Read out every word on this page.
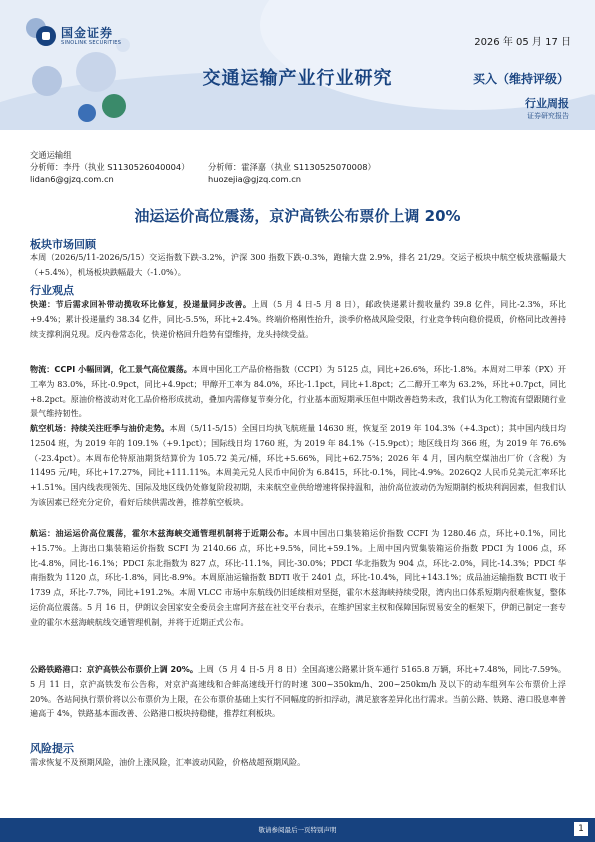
国金证券
SINOLINK SECURITIES	2026 年 05 月 17 日
交通运输产业行业研究	买入（维持评级）
行业周报
证券研究报告
交通运输组
分析师：李丹（执业 S1130526040004）
lidan6@gjzq.com.cn
分析师：霍泽嘉（执业 S1130525070008）
huozejia@gjzq.com.cn
油运运价高位震荡，京沪高铁公布票价上调 20%
板块市场回顾
本周（2026/5/11-2026/5/15）交运指数下跌-3.2%，沪深 300 指数下跌-0.3%，跑输大盘 2.9%，排名 21/29。交运子板块中航空板块涨幅最大（+5.4%），机场板块跌幅最大（-1.0%）。
行业观点
快递：节后需求回补带动揽收环比修复，投递量同步改善。上周（5 月 4 日-5 月 8 日），邮政快递累计揽收量约 39.8 亿件，同比-2.3%，环比+9.4%；累计投递量约 38.34 亿件，同比-5.5%，环比+2.4%。终端价格刚性抬升，淡季价格战风险受限，行业竞争转向稳价提质，价格同比改善持续支撑利润兑现。反内卷常态化，快递价格回升趋势有望维持，龙头持续受益。
物流：CCPI 小幅回调，化工景气高位震荡。本周中国化工产品价格指数（CCPI）为 5125 点，同比+26.6%，环比-1.8%。本周对二甲苯（PX）开工率为 83.0%，环比-0.9pct，同比+4.9pct；甲醇开工率为 84.0%，环比-1.1pct，同比+1.8pct；乙二醇开工率为 63.2%，环比+0.7pct，同比+8.2pct。原油价格波动对化工品价格形成扰动，叠加内需修复节奏分化，行业基本面短期承压但中期改善趋势未改，我们认为化工物流有望跟随行业景气维持韧性。
航空机场：持续关注旺季与油价走势。本周（5/11-5/15）全国日均执飞航班量 14630 班，恢复至 2019 年 104.3%（+4.3pct）；其中国内线日均 12504 班，为 2019 年的 109.1%（+9.1pct）；国际线日均 1760 班，为 2019 年 84.1%（-15.9pct）；地区线日均 366 班，为 2019 年 76.6%（-23.4pct）。本周布伦特原油期货结算价为 105.72 美元/桶，环比+5.66%，同比+62.75%；2026 年 4 月，国内航空煤油出厂价（含税）为 11495 元/吨，环比+17.27%，同比+111.11%。本周美元兑人民币中间价为 6.8415，环比-0.1%，同比-4.9%。2026Q2 人民币兑美元汇率环比+1.51%。国内线表现领先、国际及地区线仍处修复阶段初期，未来航空业供给增速将保持温和，油价高位波动仍为短期制约板块利润因素，但我们认为该因素已经充分定价，看好后续供需改善，推荐航空板块。
航运：油运运价高位震荡，霍尔木兹海峡交通管理机制将于近期公布。本周中国出口集装箱运价指数 CCFI 为 1280.46 点，环比+0.1%，同比+15.7%。上海出口集装箱运价指数 SCFI 为 2140.66 点，环比+9.5%，同比+59.1%。上周中国内贸集装箱运价指数 PDCI 为 1006 点，环比-4.8%，同比-16.1%；PDCI 东北指数为 827 点，环比-11.1%，同比-30.0%；PDCI 华北指数为 904 点，环比-2.0%，同比-14.3%；PDCI 华南指数为 1120 点，环比-1.8%，同比-8.9%。本周原油运输指数 BDTI 收于 2401 点，环比-10.4%，同比+143.1%；成品油运输指数 BCTI 收于 1739 点，环比-7.7%，同比+191.2%。本周 VLCC 市场中东航线仍旧延续相对坚挺，霍尔木兹海峡持续受限，湾内出口体系短期内很难恢复，整体运价高位震荡。5 月 16 日，伊朗议会国家安全委员会主席阿齐兹在社交平台表示，在维护国家主权和保障国际贸易安全的框架下，伊朗已制定一套专业的霍尔木兹海峡航线交通管理机制，并将于近期正式公布。
公路铁路港口：京沪高铁公布票价上调 20%。上周（5 月 4 日-5 月 8 日）全国高速公路累计货车通行 5165.8 万辆，环比+7.48%，同比-7.59%。5 月 11 日，京沪高铁发布公告称，对京沪高速线和合蚌高速线开行的时速 300~350km/h、200~250km/h 及以下的动车组列车公布票价上浮 20%。各站间执行票价将以公布票价为上限，在公布票价基础上实行不同幅度的折扣浮动，满足旅客差异化出行需求。当前公路、铁路、港口股息率普遍高于 4%，铁路基本面改善、公路港口板块持稳健，推荐红利板块。
风险提示
需求恢复不及预期风险，油价上涨风险，汇率波动风险，价格战超预期风险。
敬请参阅最后一页特别声明	1
